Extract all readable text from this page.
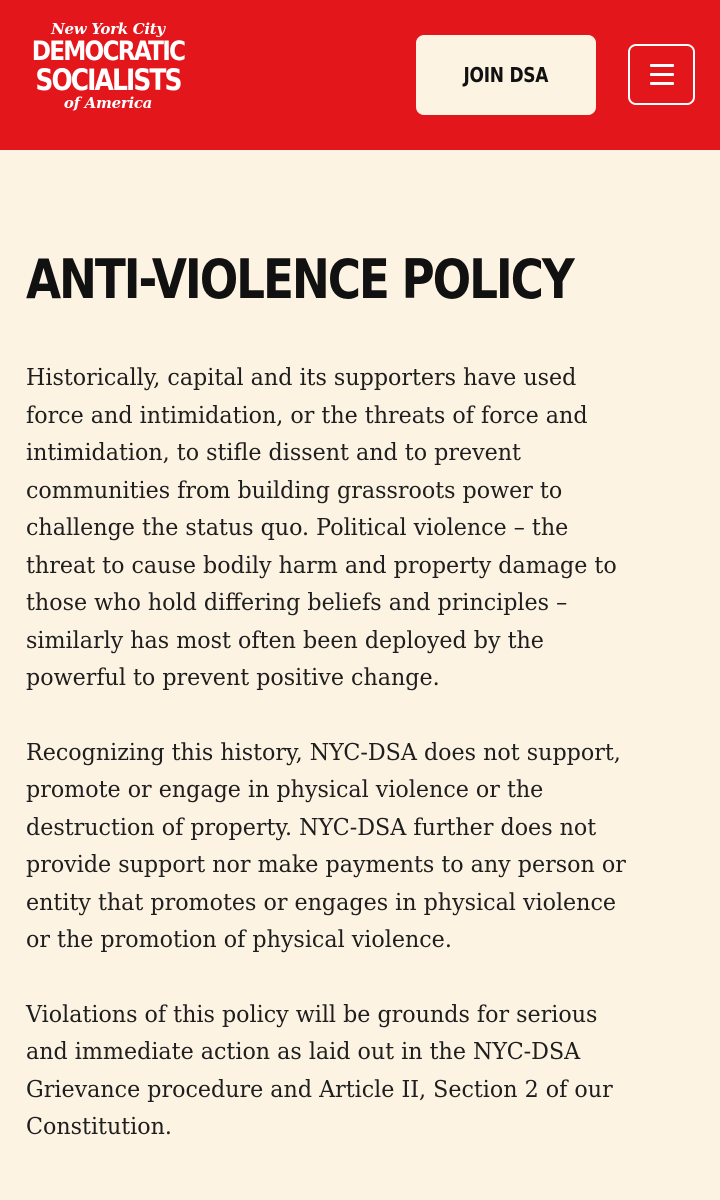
New York City
DEMOCRATIC
SOCIALISTS
of America
JOIN DSA
ANTI-VIOLENCE POLICY

Historically, capital and its supporters have used
force and intimidation, or the threats of force and
intimidation, to stifle dissent and to prevent
communities from building grassroots power to
challenge the status quo. Political violence – the
threat to cause bodily harm and property damage to
those who hold differing beliefs and principles –
similarly has most often been deployed by the
powerful to prevent positive change.

Recognizing this history, NYC-DSA does not support,
promote or engage in physical violence or the
destruction of property. NYC-DSA further does not
provide support nor make payments to any person or
entity that promotes or engages in physical violence
or the promotion of physical violence.

Violations of this policy will be grounds for serious
and immediate action as laid out in the NYC-DSA
Grievance procedure and Article II, Section 2 of our
Constitution.
